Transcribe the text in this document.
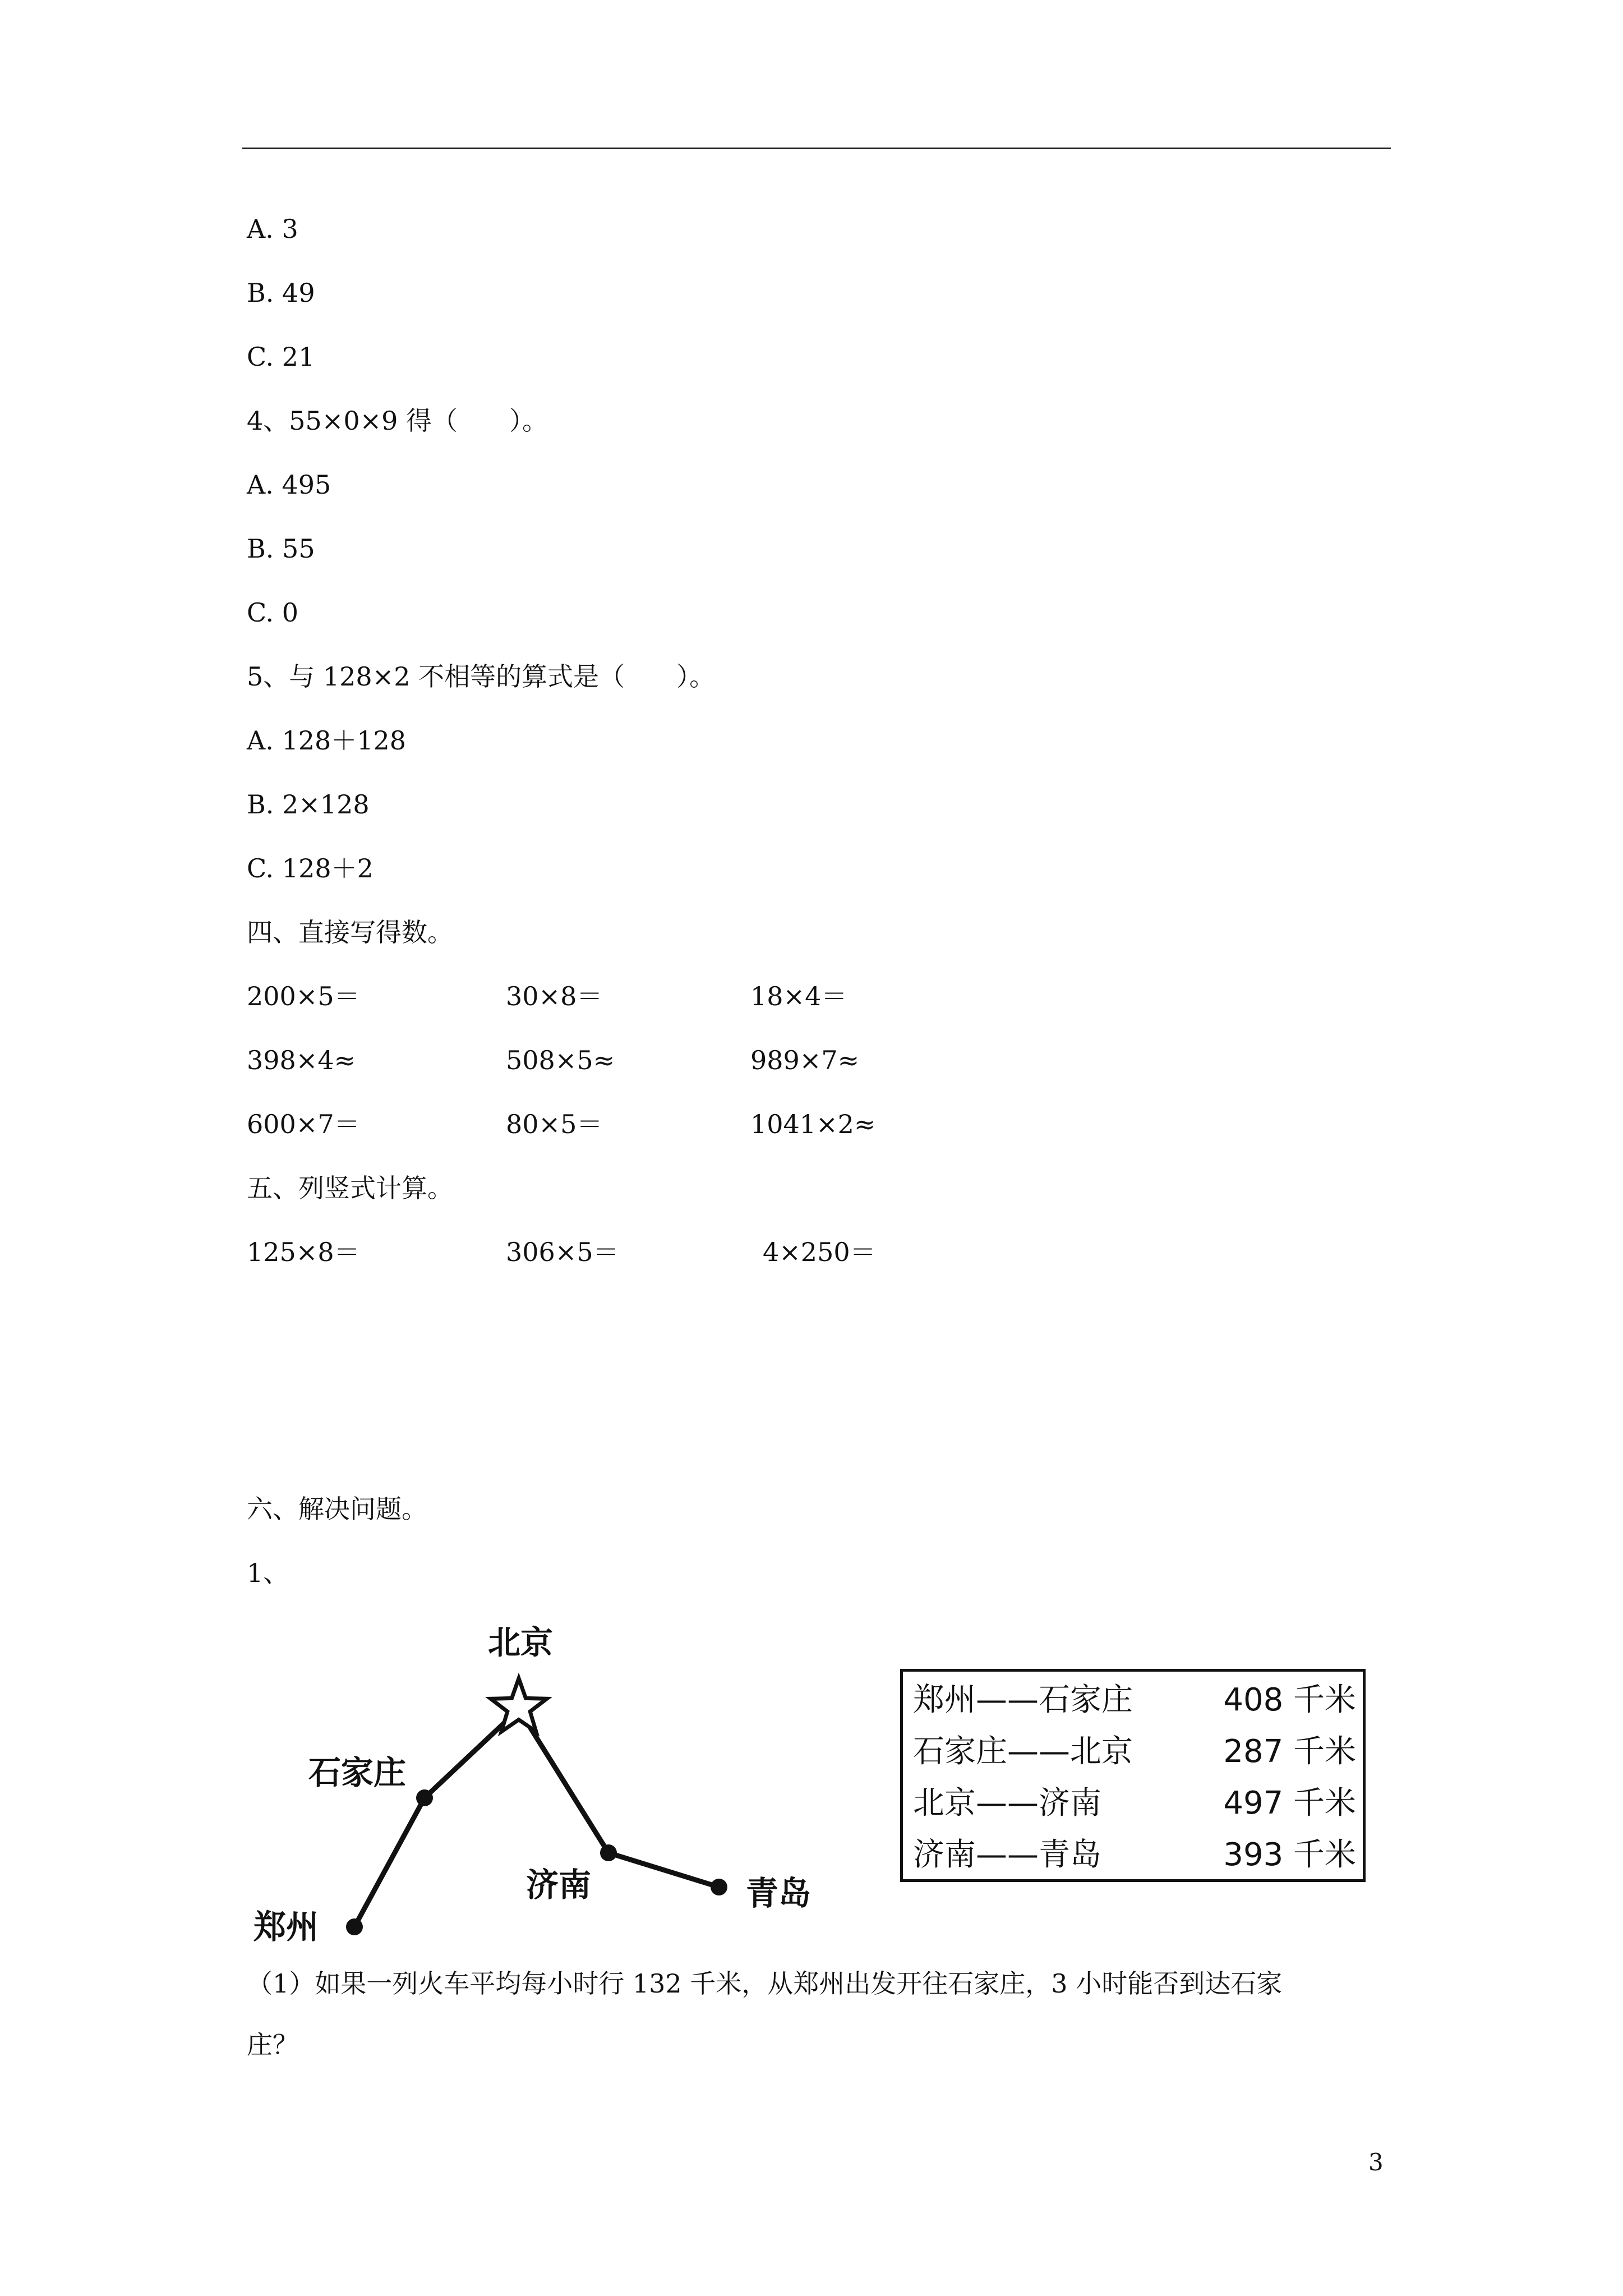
A. 3
B. 49
C. 21
4、55×0×9 得（　　）。
A. 495
B. 55
C. 0
5、与 128×2 不相等的算式是（　　）。
A. 128＋128
B. 2×128
C. 128＋2
四、直接写得数。
200×5＝	30×8＝	18×4＝
398×4≈	508×5≈	989×7≈
600×7＝	80×5＝	1041×2≈
五、列竖式计算。
125×8＝	306×5＝	4×250＝
六、解决问题。
1、
北京
石家庄
郑州
济南	青岛
郑州——石家庄	408 千米
石家庄——北京	287 千米
北京——济南	497 千米
济南——青岛	393 千米
（1）如果一列火车平均每小时行 132 千米，从郑州出发开往石家庄，3 小时能否到达石家
庄？
3
